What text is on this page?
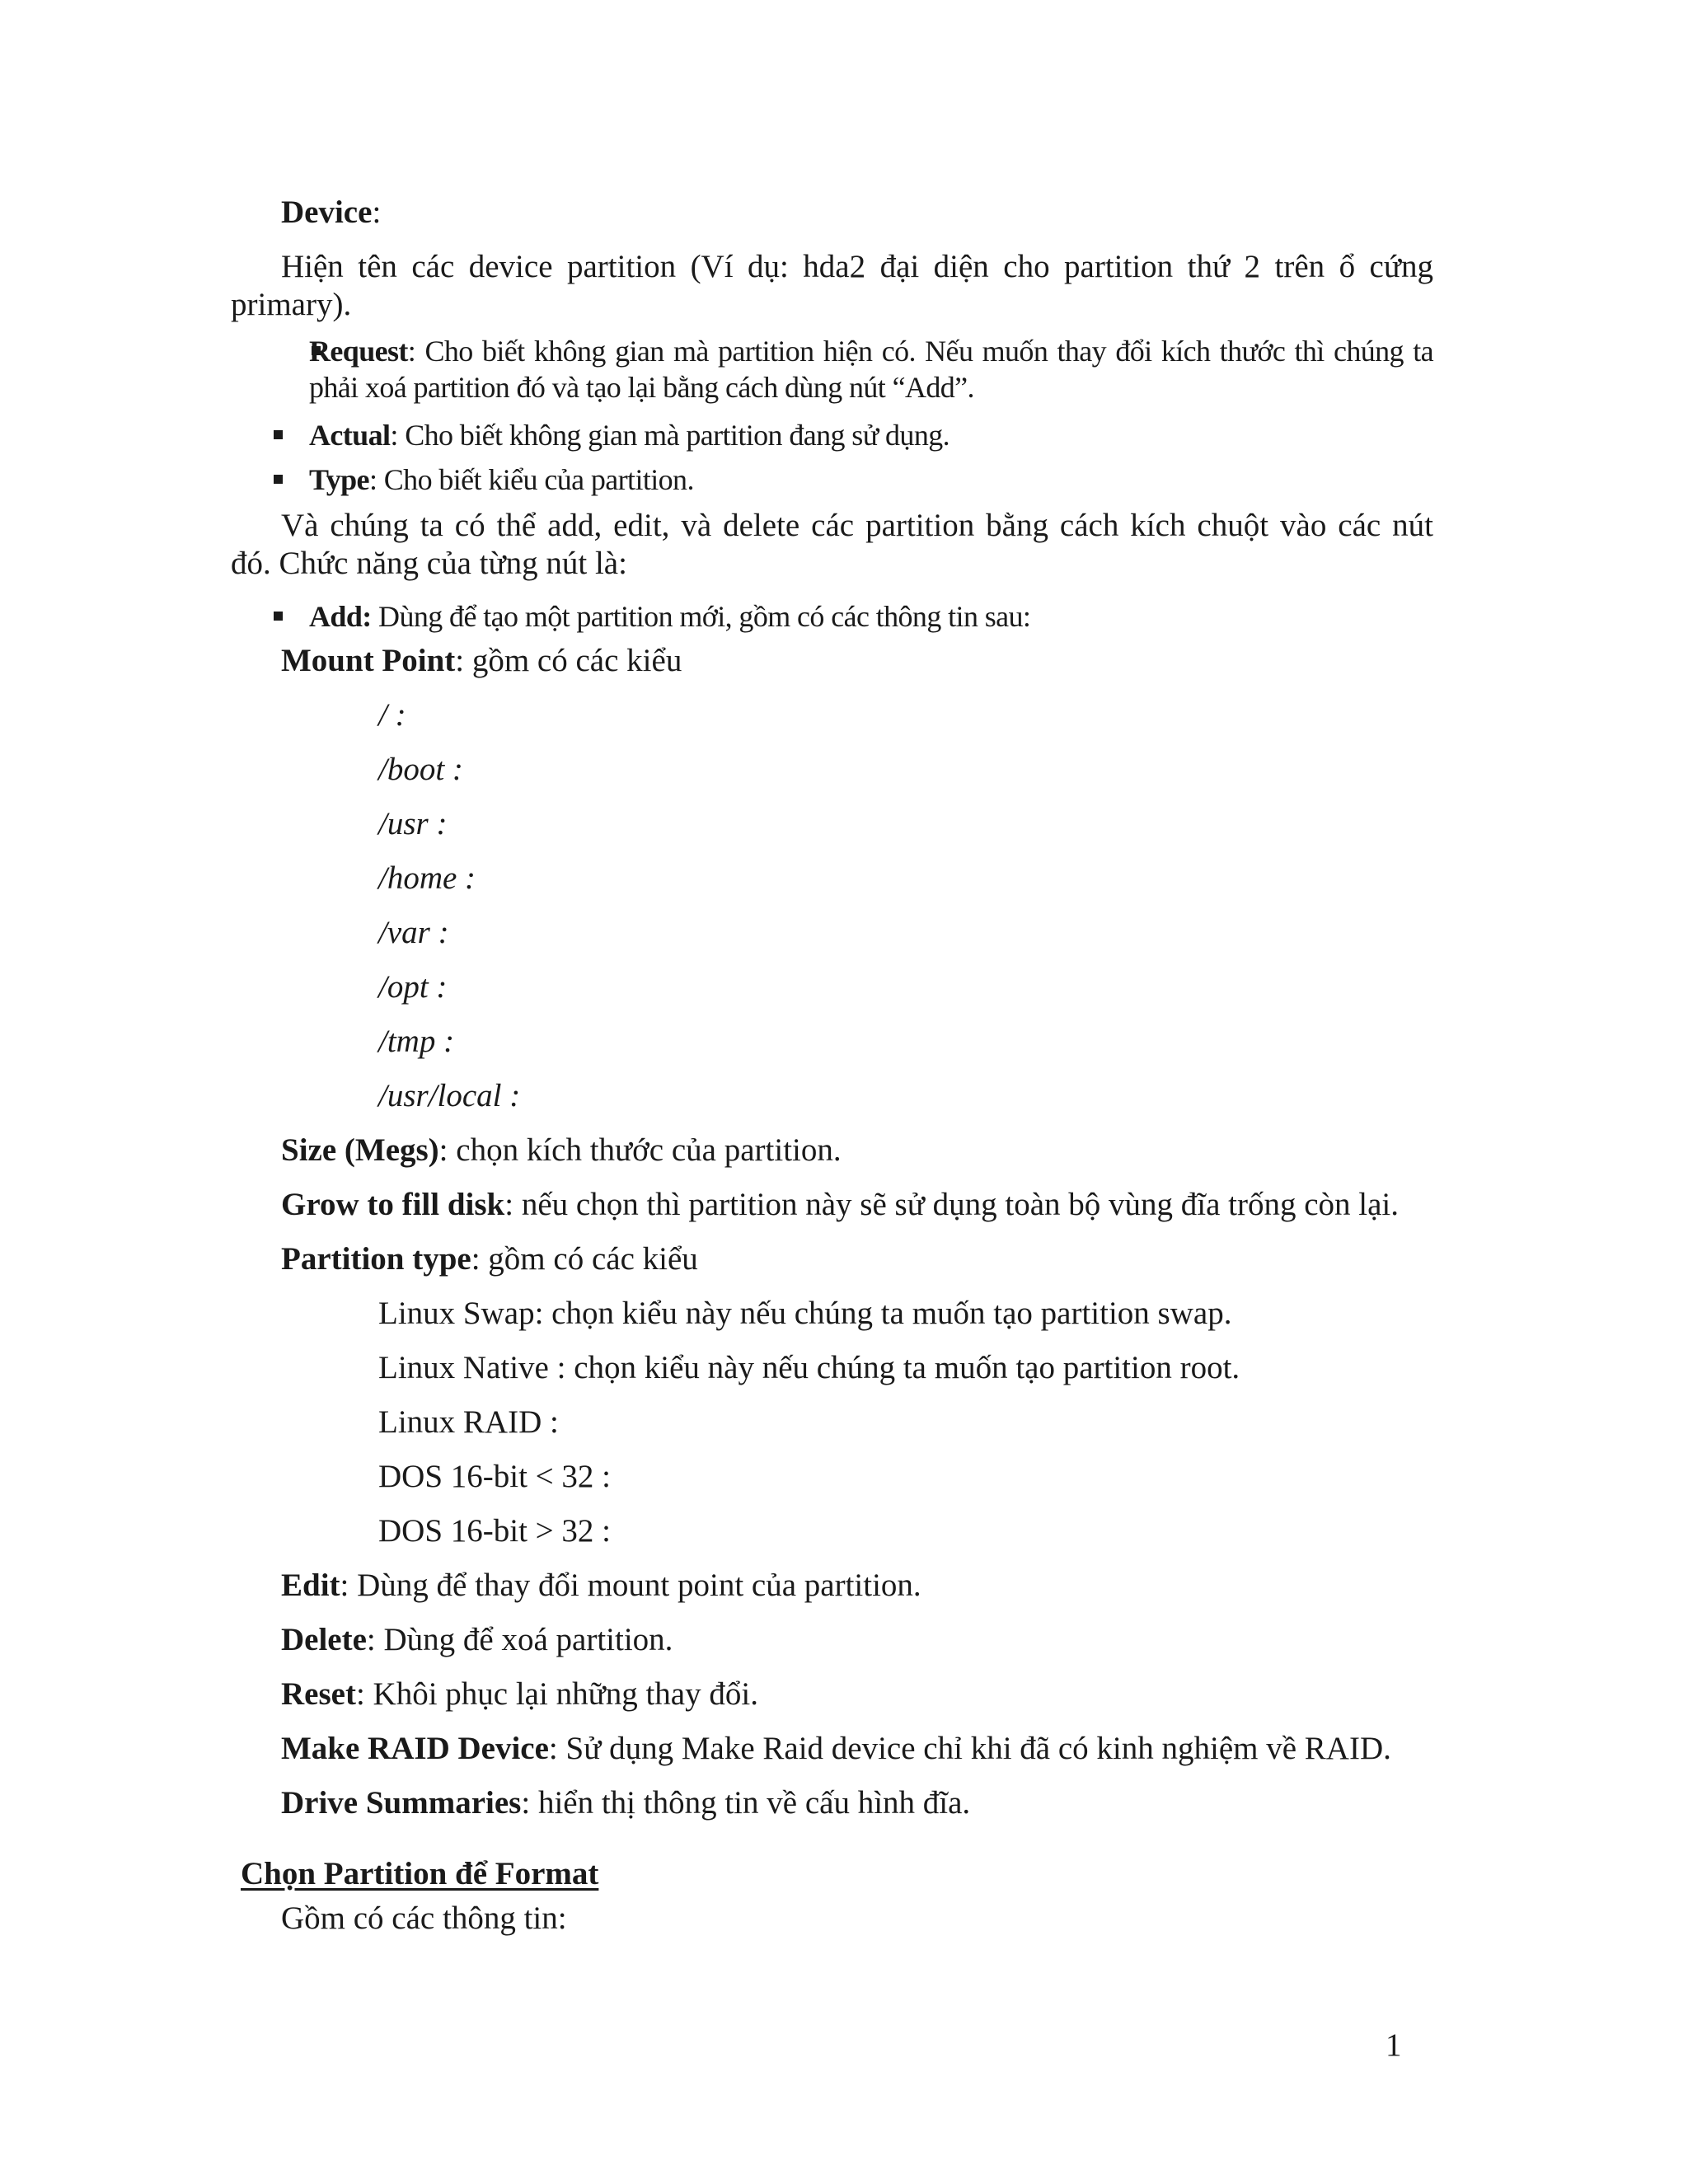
Device:
Hiện tên các device partition (Ví dụ: hda2 đại diện cho partition thứ 2 trên ổ cứng
primary).
Request: Cho biết không gian mà partition hiện có. Nếu muốn thay đổi kích thước thì chúng ta
phải xoá partition đó và tạo lại bằng cách dùng nút “Add”.
Actual: Cho biết không gian mà partition đang sử dụng.
Type: Cho biết kiểu của partition.
Và chúng ta có thể add, edit, và delete các partition bằng cách kích chuột vào các nút
đó. Chức năng của từng nút là:
Add: Dùng để tạo một partition mới, gồm có các thông tin sau:
Mount Point: gồm có các kiểu
/ :
/boot :
/usr :
/home :
/var :
/opt :
/tmp :
/usr/local :
Size (Megs): chọn kích thước của partition.
Grow to fill disk: nếu chọn thì partition này sẽ sử dụng toàn bộ vùng đĩa trống còn lại.
Partition type: gồm có các kiểu
Linux Swap: chọn kiểu này nếu chúng ta muốn tạo partition swap.
Linux Native : chọn kiểu này nếu chúng ta muốn tạo partition root.
Linux RAID :
DOS 16-bit < 32 :
DOS 16-bit > 32 :
Edit: Dùng để thay đổi mount point của partition.
Delete: Dùng để xoá partition.
Reset: Khôi phục lại những thay đổi.
Make RAID Device: Sử dụng Make Raid device chỉ khi đã có kinh nghiệm về RAID.
Drive Summaries: hiển thị thông tin về cấu hình đĩa.
Chọn Partition để Format
Gồm có các thông tin:
1
